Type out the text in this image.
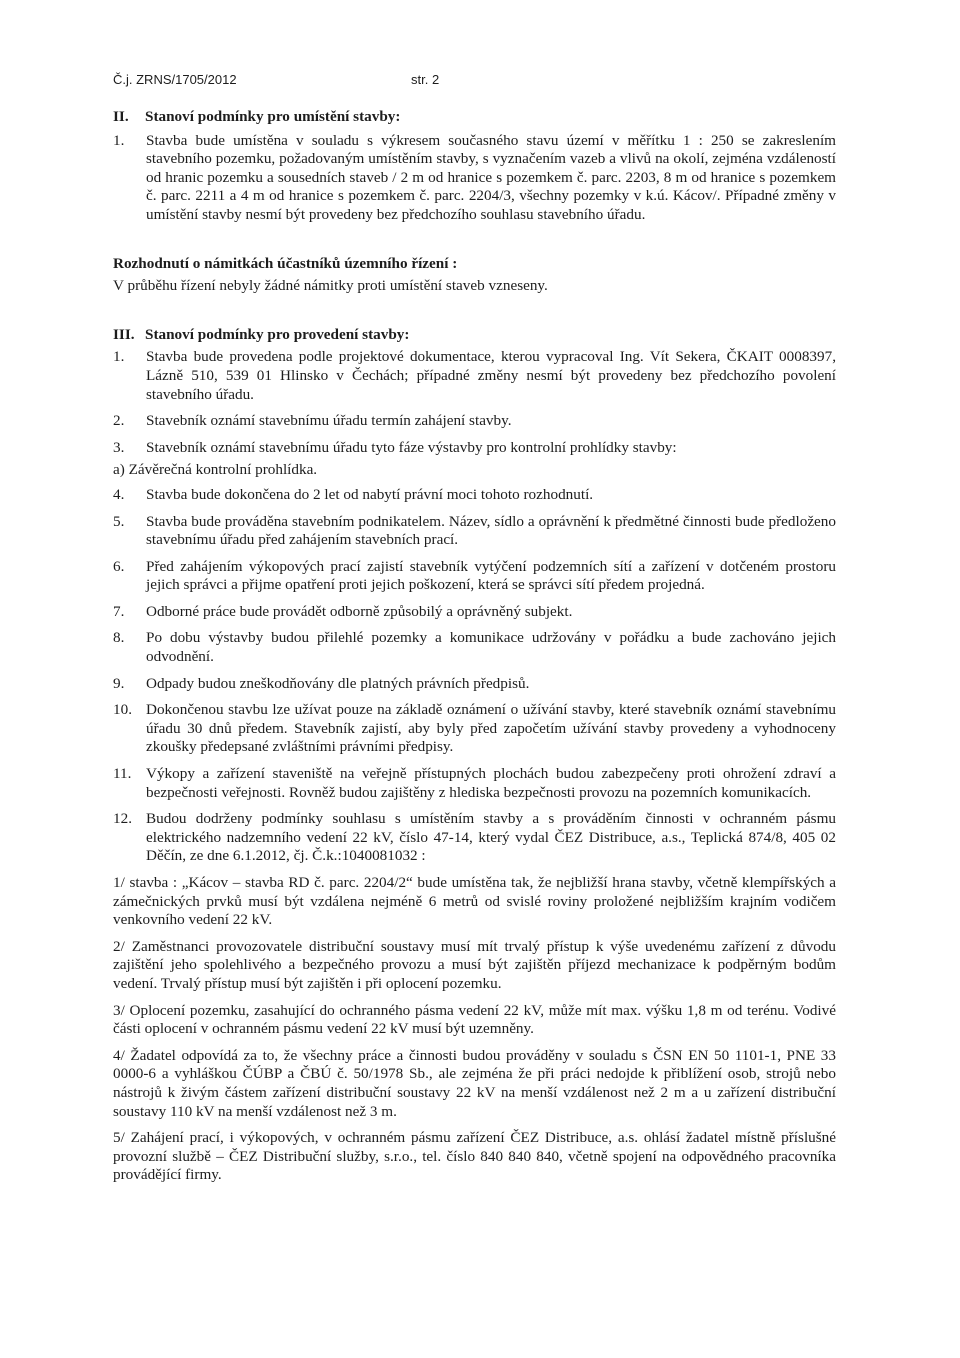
Č.j. ZRNS/1705/2012	str. 2
II.	Stanoví podmínky pro umístění stavby:
1.	Stavba bude umístěna v souladu s výkresem současného stavu území v měřítku 1 : 250 se zakreslením stavebního pozemku, požadovaným umístěním stavby, s vyznačením vazeb a vlivů na okolí, zejména vzdáleností od hranic pozemku a sousedních staveb / 2 m od hranice s pozemkem č. parc. 2203, 8 m od hranice s pozemkem č. parc. 2211 a 4 m od hranice s pozemkem č. parc. 2204/3, všechny pozemky v k.ú. Kácov/. Případné změny v umístění stavby nesmí být provedeny bez předchozího souhlasu stavebního úřadu.

Rozhodnutí o námitkách účastníků územního řízení :

V průběhu řízení nebyly žádné námitky proti umístění staveb vzneseny.

III. Stanoví podmínky pro provedení stavby:
1.	Stavba bude provedena podle projektové dokumentace, kterou vypracoval Ing. Vít Sekera, ČKAIT 0008397, Lázně 510, 539 01 Hlinsko v Čechách; případné změny nesmí být provedeny bez předchozího povolení stavebního úřadu.
2.	Stavebník oznámí stavebnímu úřadu termín zahájení stavby.
3.	Stavebník oznámí stavebnímu úřadu tyto fáze výstavby pro kontrolní prohlídky stavby:

a) Závěrečná kontrolní prohlídka.

4.	Stavba bude dokončena do 2 let od nabytí právní moci tohoto rozhodnutí.
5.	Stavba bude prováděna stavebním podnikatelem. Název, sídlo a oprávnění k předmětné činnosti bude předloženo stavebnímu úřadu před zahájením stavebních prací.
6.	Před zahájením výkopových prací zajistí stavebník vytýčení podzemních sítí a zařízení v dotčeném prostoru jejich správci a přijme opatření proti jejich poškození, která se správci sítí předem projedná.
7.	Odborné práce bude provádět odborně způsobilý a oprávněný subjekt.
8.	Po dobu výstavby budou přilehlé pozemky a komunikace udržovány v pořádku a bude zachováno jejich odvodnění.
9.	Odpady budou zneškodňovány dle platných právních předpisů.
10. Dokončenou stavbu lze užívat pouze na základě oznámení o užívání stavby, které stavebník oznámí stavebnímu úřadu 30 dnů předem. Stavebník zajistí, aby byly před započetím užívání stavby provedeny a vyhodnoceny zkoušky předepsané zvláštními právními předpisy.
11. Výkopy a zařízení staveniště na veřejně přístupných plochách budou zabezpečeny proti ohrožení zdraví a bezpečnosti veřejnosti. Rovněž budou zajištěny z hlediska bezpečnosti provozu na pozemních komunikacích.
12. Budou dodrženy podmínky souhlasu s umístěním stavby a s prováděním činnosti v ochranném pásmu elektrického nadzemního vedení 22 kV, číslo 47-14, který vydal ČEZ Distribuce, a.s., Teplická 874/8, 405 02 Děčín, ze dne 6.1.2012, čj. Č.k.:1040081032 :

1/ stavba : „Kácov – stavba RD č. parc. 2204/2“ bude umístěna tak, že nejbližší hrana stavby, včetně klempířských a zámečnických prvků musí být vzdálena nejméně 6 metrů od svislé roviny proložené nejbližším krajním vodičem venkovního vedení 22 kV.

2/ Zaměstnanci provozovatele distribuční soustavy musí mít trvalý přístup k výše uvedenému zařízení z důvodu zajištění jeho spolehlivého a bezpečného provozu a musí být zajištěn příjezd mechanizace k podpěrným bodům vedení. Trvalý přístup musí být zajištěn i při oplocení pozemku.

3/ Oplocení pozemku, zasahující do ochranného pásma vedení 22 kV, může mít max. výšku 1,8 m od terénu. Vodivé části oplocení v ochranném pásmu vedení 22 kV musí být uzemněny.

4/ Žadatel odpovídá za to, že všechny práce a činnosti budou prováděny v souladu s ČSN EN 50 1101-1, PNE 33 0000-6 a vyhláškou ČÚBP a ČBÚ č. 50/1978 Sb., ale zejména že při práci nedojde k přiblížení osob, strojů nebo nástrojů k živým částem zařízení distribuční soustavy 22 kV na menší vzdálenost než 2 m a u zařízení distribuční soustavy 110 kV na menší vzdálenost než 3 m.

5/ Zahájení prací, i výkopových, v ochranném pásmu zařízení ČEZ Distribuce, a.s. ohlásí žadatel místně příslušné provozní službě – ČEZ Distribuční služby, s.r.o., tel. číslo 840 840 840, včetně spojení na odpovědného pracovníka provádějící firmy.
